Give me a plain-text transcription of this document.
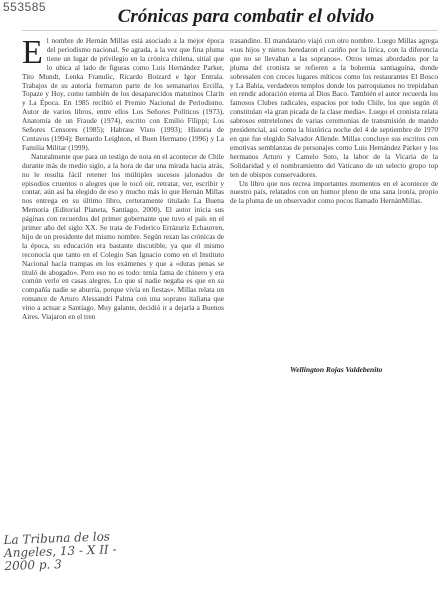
553585	Crónicas para combatir el olvido

El nombre de Hernán Millas está asociado a la mejor época del periodismo nacional. Se agrada, a la vez que fina pluma tiene un lugar de privilegio en la crónica chilena, sitial que lo ubica al lado de figuras como Luis Hernández Parker, Tito Mundt, Lenka Franulic, Ricardo Boizard e Igor Entrala. Trabajos de su autoría formaron parte de los semanarios Ercilla, Topaze y Hoy, como también de los desaparecidos matutinos Clarín y La Época. En 1985 recibió el Premio Nacional de Periodismo. Autor de varios libros, entre ellos Los Señores Políticos (1973), Anatomía de un Fraude (1974), escrito con Emilio Filippi; Los Señores Censores (1985); Habrase Visto (1993); Historia de Centavos (1994); Bernardo Leighton, el Buen Hermano (1996) y La Familia Militar (1999).

Naturalmente que para un testigo de nota en el acontecer de Chile durante más de medio siglo, a la hora de dar una mirada hacia atrás, no le resulta fácil retener los múltiples sucesos jalonados de episodios cruentos o alegres que le tocó oír, retratar, ver, escribir y contar, aún así ha elegido de eso y mucho más lo que Hernán Millas nos entrega en su último libro, certeramente titulado La Buena Memoria (Editorial Planeta, Santiago, 2000). El autor inicia sus páginas con recuerdos del primer gobernante que tuvo el país en el primer año del siglo XX. Se trata de Federico Errázuriz Echaurren, hijo de un presidente del mismo nombre. Según rezan las crónicas de la época, su educación era bastante discutible, ya que él mismo reconocía que tanto en el Colegio San Ignacio como en el Instituto Nacional hacía trampas en los exámenes y que a «duras penas se tituló de abogado». Pero eso no es todo: tenía fama de chinero y era común verlo en casas alegres. Lo que sí nadie negaba es que en su compañía nadie se aburría, porque vivía en fiestas». Millas relata un romance de Arturo Alessandri Palma con una soprano italiana que vino a actuar a Santiago. Muy galante, decidió ir a dejarla a Buenos Aires. Viajaron en el tren

trasandino. El mandatario viajó con otro nombre. Luego Millas agrega «sus hijos y nietos heredaron el cariño por la lírica, con la diferencia que no se llevaban a las sopranos». Otros temas abordados por la pluma del cronista se refieren a la bohemia santiaguina, donde sobresalen con creces lugares míticos como los restaurantes El Bosco y La Bahía, verdaderos templos donde los parroquianos no trepidaban en rendir adoración eterna al Dios Baco. También el autor recuerda los famosos Clubes radicales, espacios por todo Chile, los que según él constituían «la gran picada de la clase media». Luego el cronista relata sabrosos entretelones de varias ceremonias de transmisión de mando presidencial, así como la histórica noche del 4 de septiembre de 1970 en que fue elegido Salvador Allende. Millas concluye sus escritos con emotivas semblanzas de personajes como Luis Hernández Parker y los hermanos Arturo y Camelo Soto, la labor de la Vicaría de la Solidaridad y el nombramiento del Vaticano de un selecto grupo top ten de obispos conservadores.

Un libro que nos recrea importantes momentos en el acontecer de nuestro país, relatados con un humor pleno de una sana ironía, propio de la pluma de un observador como pocos llamado HernánMillas.

Wellington Rojas Valdebenito
La Tribuna de los Angeles, 13 - X II - 2000 p. 3
